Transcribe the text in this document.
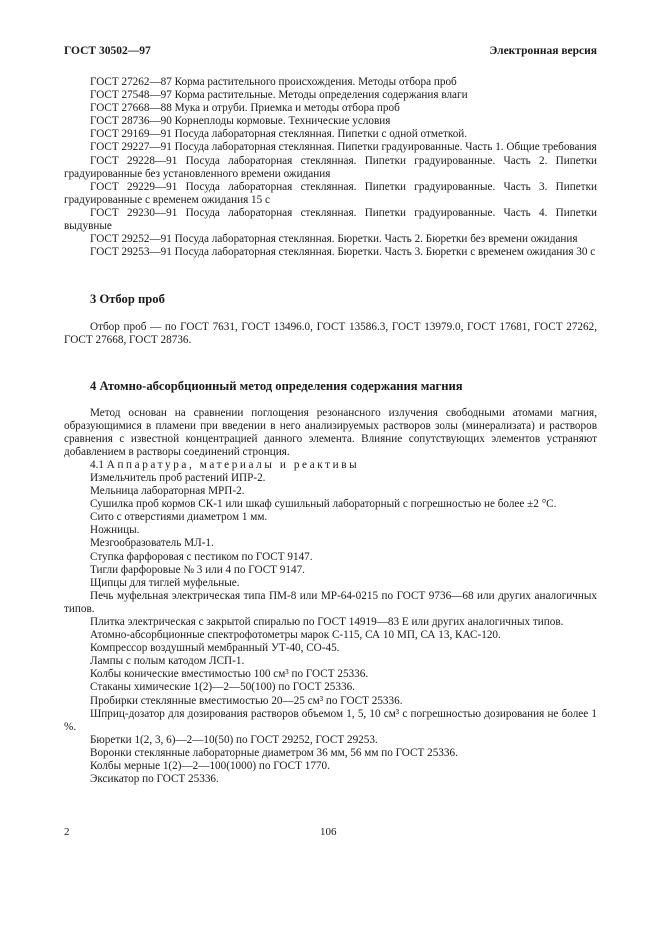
ГОСТ 30502—97	Электронная версия

ГОСТ 27262—87 Корма растительного происхождения. Методы отбора проб

ГОСТ 27548—97 Корма растительные. Методы определения содержания влаги

ГОСТ 27668—88 Мука и отруби. Приемка и методы отбора проб

ГОСТ 28736—90 Корнеплоды кормовые. Технические условия

ГОСТ 29169—91 Посуда лабораторная стеклянная. Пипетки с одной отметкой.

ГОСТ 29227—91 Посуда лабораторная стеклянная. Пипетки градуированные. Часть 1. Общие требования

ГОСТ 29228—91 Посуда лабораторная стеклянная. Пипетки градуированные. Часть 2. Пипетки градуированные без установленного времени ожидания

ГОСТ 29229—91 Посуда лабораторная стеклянная. Пипетки градуированные. Часть 3. Пипетки градуированные с временем ожидания 15 с

ГОСТ 29230—91 Посуда лабораторная стеклянная. Пипетки градуированные. Часть 4. Пипетки выдувные

ГОСТ 29252—91 Посуда лабораторная стеклянная. Бюретки. Часть 2. Бюретки без времени ожидания

ГОСТ 29253—91 Посуда лабораторная стеклянная. Бюретки. Часть 3. Бюретки с временем ожидания 30 с

3 Отбор проб

Отбор проб — по ГОСТ 7631, ГОСТ 13496.0, ГОСТ 13586.3, ГОСТ 13979.0, ГОСТ 17681, ГОСТ 27262, ГОСТ 27668, ГОСТ 28736.

4 Атомно-абсорбционный метод определения содержания магния

Метод основан на сравнении поглощения резонансного излучения свободными атомами магния, образующимися в пламени при введении в него анализируемых растворов золы (минерализата) и растворов сравнения с известной концентрацией данного элемента. Влияние сопутствующих элементов устраняют добавлением в растворы соединений стронция.

4.1 Аппаратура, материалы и реактивы

Измельчитель проб растений ИПР-2.

Мельница лабораторная МРП-2.

Сушилка проб кормов СК-1 или шкаф сушильный лабораторный с погрешностью не более ±2 °С.

Сито с отверстиями диаметром 1 мм.

Ножницы.

Мезгообразователь МЛ-1.

Ступка фарфоровая с пестиком по ГОСТ 9147.

Тигли фарфоровые № 3 или 4 по ГОСТ 9147.

Щипцы для тиглей муфельные.

Печь муфельная электрическая типа ПМ-8 или МР-64-0215 по ГОСТ 9736—68 или других аналогичных типов.

Плитка электрическая с закрытой спиралью по ГОСТ 14919—83 Е или других аналогичных типов.

Атомно-абсорбционные спектрофотометры марок С-115, СА 10 МП, СА 13, КАС-120.

Компрессор воздушный мембранный УТ-40, СО-45.

Лампы с полым катодом ЛСП-1.

Колбы конические вместимостью 100 см³ по ГОСТ 25336.

Стаканы химические 1(2)—2—50(100) по ГОСТ 25336.

Пробирки стеклянные вместимостью 20—25 см³ по ГОСТ 25336.

Шприц-дозатор для дозирования растворов объемом 1, 5, 10 см³ с погрешностью дозирования не более 1 %.

Бюретки 1(2, 3, 6)—2—10(50) по ГОСТ 29252, ГОСТ 29253.

Воронки стеклянные лабораторные диаметром 36 мм, 56 мм по ГОСТ 25336.

Колбы мерные 1(2)—2—100(1000) по ГОСТ 1770.

Эксикатор по ГОСТ 25336.

2	106
